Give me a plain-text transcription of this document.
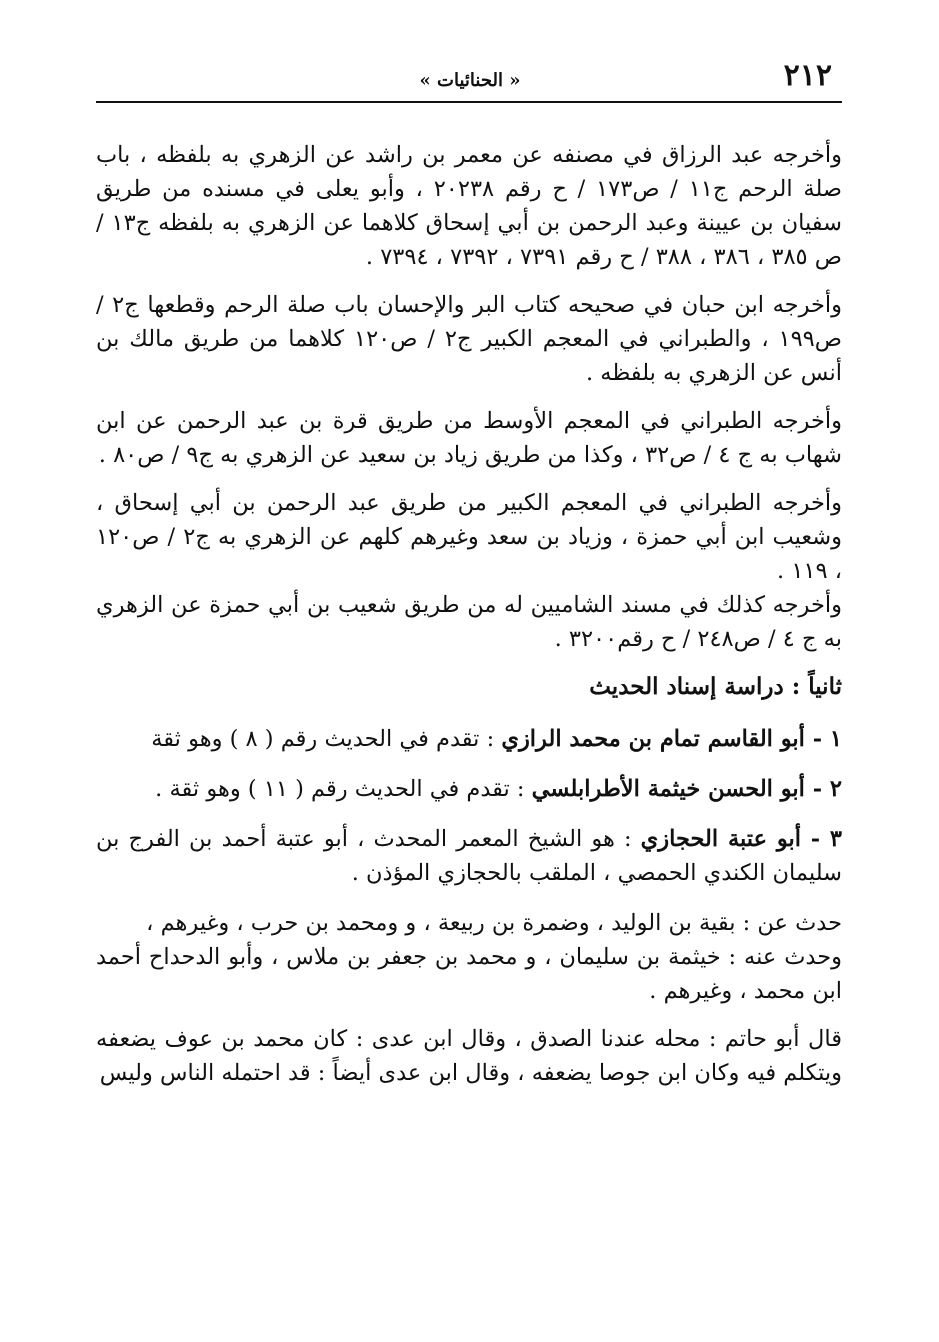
٢١٢
« الحنائيات »

وأخرجه عبد الرزاق في مصنفه عن معمر بن راشد عن الزهري به بلفظه ، باب صلة الرحم ج١١ / ص١٧٣ / ح رقم ٢٠٢٣٨ ، وأبو يعلى في مسنده من طريق سفيان بن عيينة وعبد الرحمن بن أبي إسحاق كلاهما عن الزهري به بلفظه ج١٣ / ص ٣٨٥ ، ٣٨٦ ، ٣٨٨ / ح رقم ٧٣٩١ ، ٧٣٩٢ ، ٧٣٩٤ .

وأخرجه ابن حبان في صحيحه كتاب البر والإحسان باب صلة الرحم وقطعها ج٢ / ص١٩٩ ، والطبراني في المعجم الكبير ج٢ / ص١٢٠ كلاهما من طريق مالك بن أنس عن الزهري به بلفظه .

وأخرجه الطبراني في المعجم الأوسط من طريق قرة بن عبد الرحمن عن ابن شهاب به ج ٤ / ص٣٢ ، وكذا من طريق زياد بن سعيد عن الزهري به ج٩ / ص٨٠ .

وأخرجه الطبراني في المعجم الكبير من طريق عبد الرحمن بن أبي إسحاق ، وشعيب ابن أبي حمزة ، وزياد بن سعد وغيرهم كلهم عن الزهري به ج٢ / ص١٢٠ ، ١١٩ .

وأخرجه كذلك في مسند الشاميين له من طريق شعيب بن أبي حمزة عن الزهري به ج ٤ / ص٢٤٨ / ح رقم٣٢٠٠ .

ثانياً : دراسة إسناد الحديث
١ - أبو القاسم تمام بن محمد الرازي : تقدم في الحديث رقم ( ٨ ) وهو ثقة
٢ - أبو الحسن خيثمة الأطرابلسي : تقدم في الحديث رقم ( ١١ ) وهو ثقة .
٣ - أبو عتبة الحجازي : هو الشيخ المعمر المحدث ، أبو عتبة أحمد بن الفرج بن سليمان الكندي الحمصي ، الملقب بالحجازي المؤذن .
حدث عن : بقية بن الوليد ، وضمرة بن ربيعة ، و ومحمد بن حرب ، وغيرهم ،
وحدث عنه : خيثمة بن سليمان ، و محمد بن جعفر بن ملاس ، وأبو الدحداح أحمد ابن محمد ، وغيرهم .

قال أبو حاتم : محله عندنا الصدق ، وقال ابن عدى : كان محمد بن عوف يضعفه ويتكلم فيه وكان ابن جوصا يضعفه ، وقال ابن عدى أيضاً : قد احتمله الناس وليس
